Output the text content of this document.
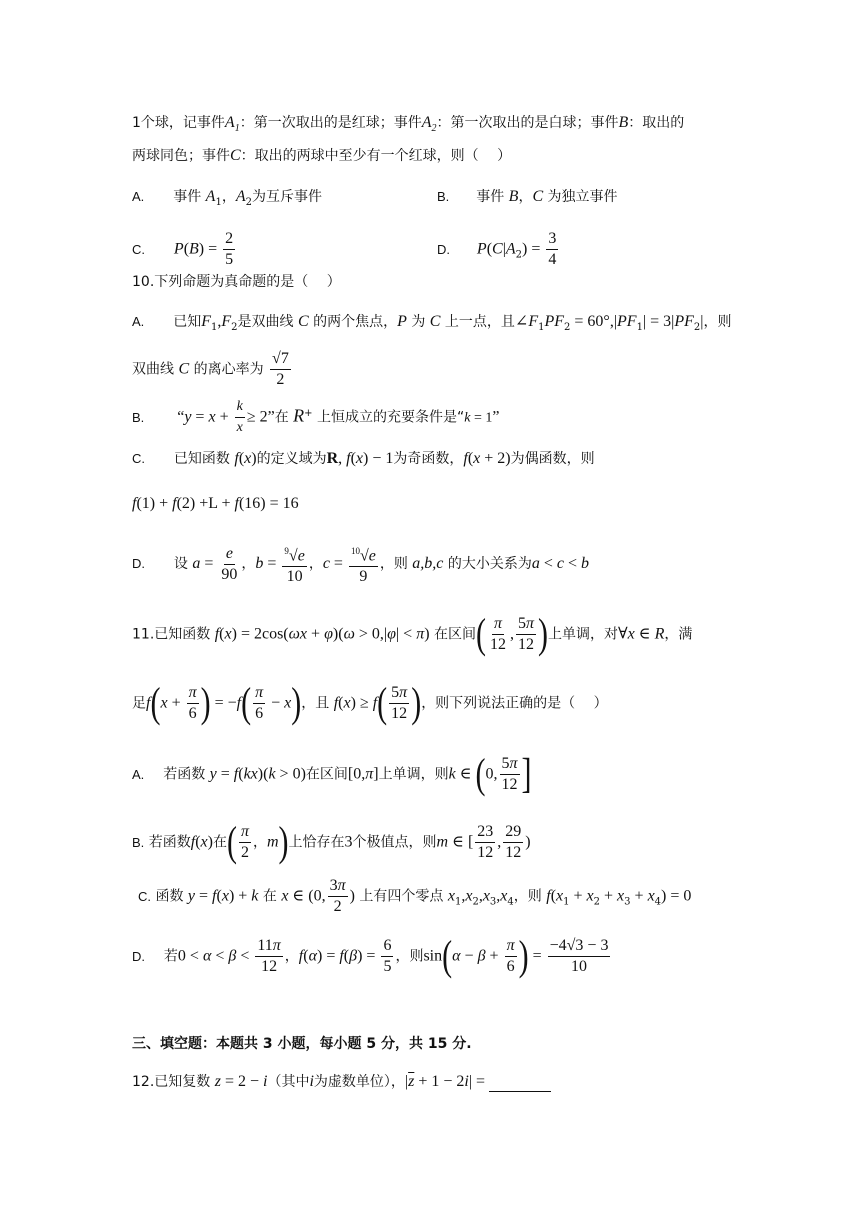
1个球，记事件$A_1$：第一次取出的是红球；事件$A_2$：第一次取出的是白球；事件B：取出的
两球同色；事件C：取出的两球中至少有一个红球，则（　 ）
A. 事件 $A_1$，$A_2$为互斥事件	B. 事件 B，C 为独立事件
C. $P(B) = \frac{2}{5}$	D. $P(C|A_2) = \frac{3}{4}$
10.下列命题为真命题的是（　 ）
A. 已知$F_1,F_2$是双曲线 C 的两个焦点，P 为 C 上一点，且$\angle F_1PF_2 = 60^\circ,|PF_1| = 3|PF_2|$，则
双曲线 C 的离心率为 $\frac{√7}{2}$
B. “$y = x + \frac{k}{x} \ge 2$”在 R+ 上恒成立的充要条件是“k = 1”
C. 已知函数 f(x)的定义域为R, f(x) − 1为奇函数，f(x + 2)为偶函数，则
f(1) + f(2) +L + f(16) = 16
D. 设 $a = \frac{e}{90}$ ，$b = \frac{^9√e}{10}$ ，$c = \frac{^{10}√e}{9}$ ，则 a,b,c 的大小关系为a < c < b
11.已知函数 f(x) = 2cos(ωx + φ)(ω > 0,|φ| < π) 在区间( $\frac{\pi}{12}$ , $\frac{5\pi}{12}$ )上单调，对∀x ∈ R，满
足$f(x + \frac{\pi}{6}$ ) = $-f( \frac{\pi}{6} - x)$，且 $f(x) \ge f( \frac{5\pi}{12}$ )，则下列说法正确的是（　 ）
A. 若函数 y = f(kx)(k > 0)在区间[0,π]上单调，则k ∈ (0, $\frac{5\pi}{12}$ ]
B. 若函数f(x)在( $\frac{\pi}{2}$ ，m)上恰存在3个极值点，则m ∈ [ $\frac{23}{12}$ , $\frac{29}{12}$ )
C. 函数 y = f(x) + k 在 x ∈ (0, $\frac{3\pi}{2}$ ) 上有四个零点 $x_1,x_2,x_3,x_4$，则 $f(x_1 + x_2 + x_3 + x_4) = 0$
D. 若$0 < \alpha < \beta < \frac{11\pi}{12}$ ，$f(\alpha) = f(\beta) = \frac{6}{5}$ ，则$\sin(\alpha - \beta + \frac{\pi}{6}$ ) = $\frac{-4√3 - 3}{10}$
三、填空题：本题共 3 小题，每小题 5 分，共 15 分.
12.已知复数 z = 2 − i（其中i为虚数单位），$|\overline{z} + 1 - 2i|$ =
